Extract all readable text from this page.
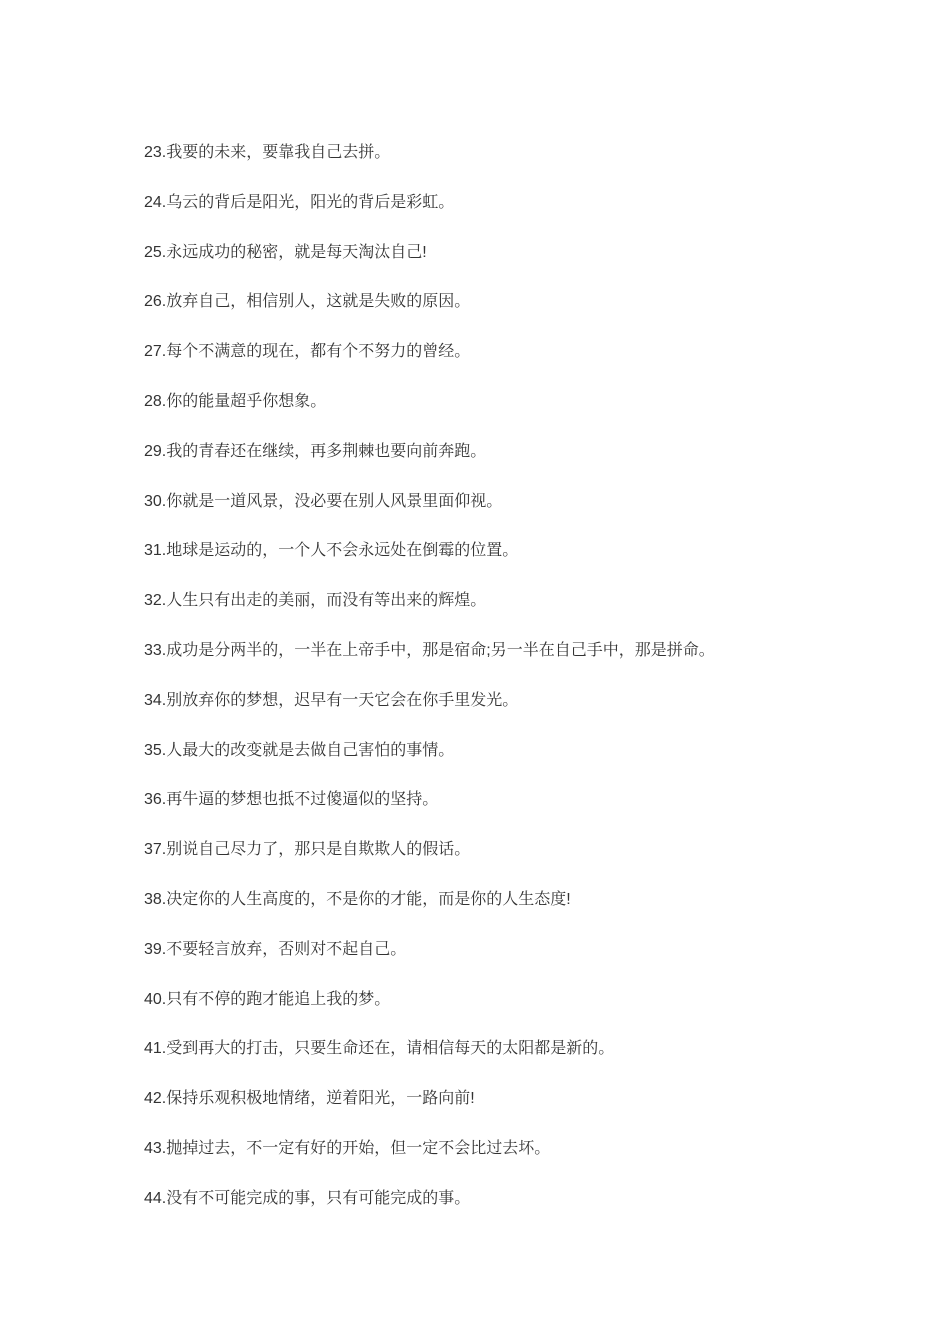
23.我要的未来，要靠我自己去拼。
24.乌云的背后是阳光，阳光的背后是彩虹。
25.永远成功的秘密，就是每天淘汰自己!
26.放弃自己，相信别人，这就是失败的原因。
27.每个不满意的现在，都有个不努力的曾经。
28.你的能量超乎你想象。
29.我的青春还在继续，再多荆棘也要向前奔跑。
30.你就是一道风景，没必要在别人风景里面仰视。
31.地球是运动的，一个人不会永远处在倒霉的位置。
32.人生只有出走的美丽，而没有等出来的辉煌。
33.成功是分两半的，一半在上帝手中，那是宿命;另一半在自己手中，那是拼命。
34.别放弃你的梦想，迟早有一天它会在你手里发光。
35.人最大的改变就是去做自己害怕的事情。
36.再牛逼的梦想也抵不过傻逼似的坚持。
37.别说自己尽力了，那只是自欺欺人的假话。
38.决定你的人生高度的，不是你的才能，而是你的人生态度!
39.不要轻言放弃，否则对不起自己。
40.只有不停的跑才能追上我的梦。
41.受到再大的打击，只要生命还在，请相信每天的太阳都是新的。
42.保持乐观积极地情绪，逆着阳光，一路向前!
43.抛掉过去，不一定有好的开始，但一定不会比过去坏。
44.没有不可能完成的事，只有可能完成的事。
